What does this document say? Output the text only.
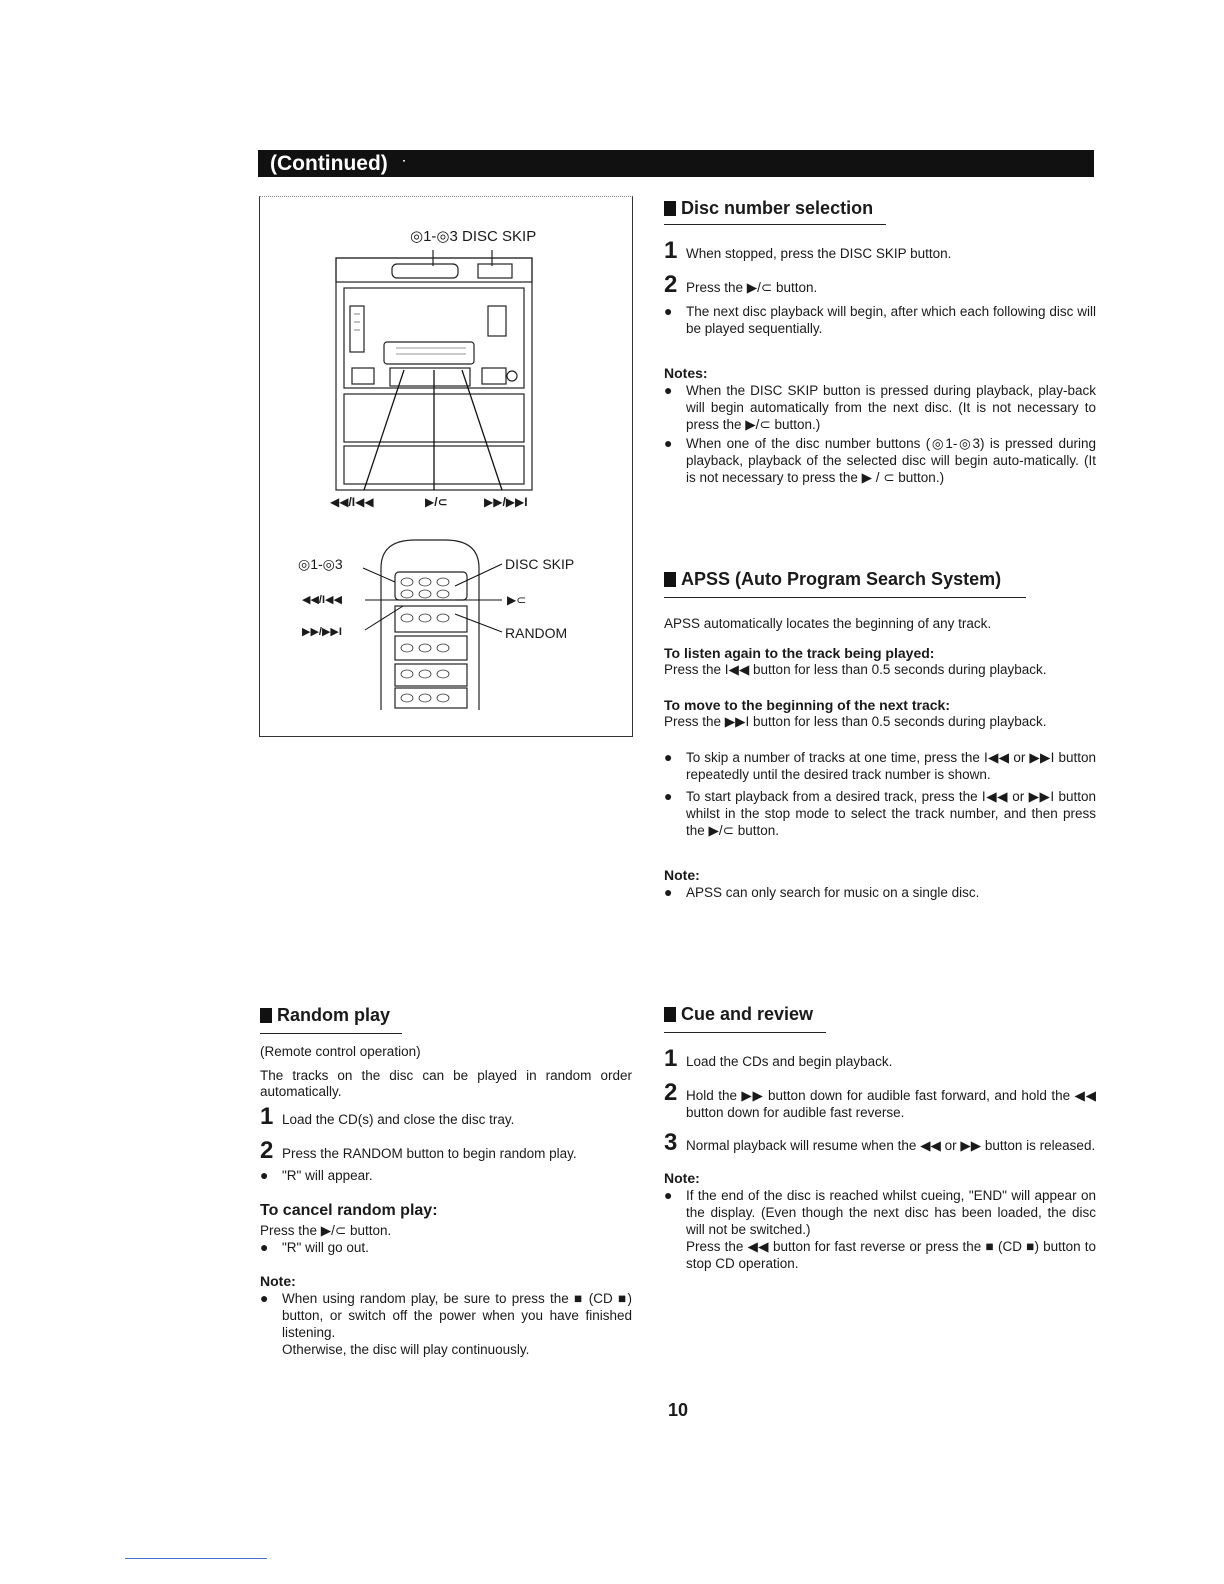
(Continued) ˙
◎1-◎3 DISC SKIP
◀◀/I◀◀	▶/⊂	▶▶/▶▶I
◎1-◎3	DISC SKIP
◀◀/I◀◀	▶⊂
▶▶/▶▶I	RANDOM
Disc number selection
1 When stopped, press the DISC SKIP button.
2 Press the ▶/⊂ button.
●	The next disc playback will begin, after which each following disc will be played sequentially.
Notes:
●	When the DISC SKIP button is pressed during playback, play-back will begin automatically from the next disc. (It is not necessary to press the ▶/⊂ button.)
●	When one of the disc number buttons (◎1-◎3) is pressed during playback, playback of the selected disc will begin auto-matically. (It is not necessary to press the ▶ / ⊂ button.)
APSS (Auto Program Search System)
APSS automatically locates the beginning of any track.
To listen again to the track being played:
Press the I◀◀ button for less than 0.5 seconds during playback.
To move to the beginning of the next track:
Press the ▶▶I button for less than 0.5 seconds during playback.
●	To skip a number of tracks at one time, press the I◀◀ or ▶▶I button repeatedly until the desired track number is shown.
●	To start playback from a desired track, press the I◀◀ or ▶▶I button whilst in the stop mode to select the track number, and then press the ▶/⊂ button.
Note:
●	APSS can only search for music on a single disc.
Random play
(Remote control operation)
The tracks on the disc can be played in random order automatically.
1 Load the CD(s) and close the disc tray.
2 Press the RANDOM button to begin random play.
●	"R" will appear.
To cancel random play:
Press the ▶/⊂ button.
●	"R" will go out.
Note:
●	When using random play, be sure to press the ■ (CD ■) button, or switch off the power when you have finished listening.
Otherwise, the disc will play continuously.
Cue and review
1 Load the CDs and begin playback.
2 Hold the ▶▶ button down for audible fast forward, and hold the ◀◀ button down for audible fast reverse.
3 Normal playback will resume when the ◀◀ or ▶▶ button is released.
Note:
●	If the end of the disc is reached whilst cueing, "END" will appear on the display. (Even though the next disc has been loaded, the disc will not be switched.)
Press the ◀◀ button for fast reverse or press the ■ (CD ■) button to stop CD operation.
10
